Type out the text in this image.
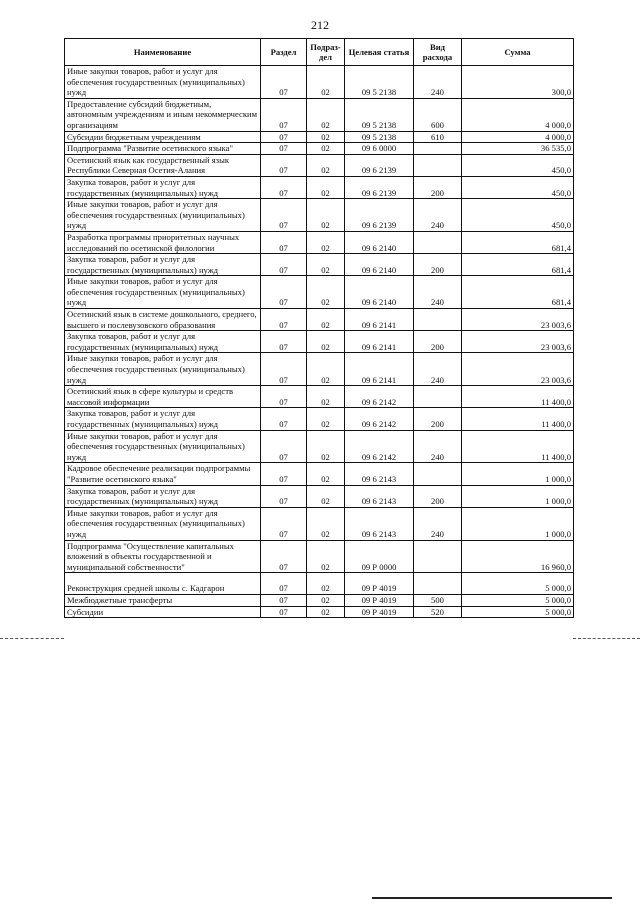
212
Наименование	Раздел	Подраз-дел	Целевая статья	Вид расхода	Сумма
Иные закупки товаров, работ и услуг для обеспечения государственных (муниципальных) нужд	07	02	09 5 2138	240	300,0
Предоставление субсидий бюджетным, автономным учреждениям и иным некоммерческим организациям	07	02	09 5 2138	600	4 000,0
Субсидии бюджетным учреждениям	07	02	09 5 2138	610	4 000,0
Подпрограмма "Развитие осетинского языка"	07	02	09 6 0000		36 535,0
Осетинский язык как государственный язык Республики Северная Осетия-Алания	07	02	09 6 2139		450,0
Закупка товаров, работ и услуг для государственных (муниципальных) нужд	07	02	09 6 2139	200	450,0
Иные закупки товаров, работ и услуг для обеспечения государственных (муниципальных) нужд	07	02	09 6 2139	240	450,0
Разработка программы приоритетных научных исследований по осетинской филологии	07	02	09 6 2140		681,4
Закупка товаров, работ и услуг для государственных (муниципальных) нужд	07	02	09 6 2140	200	681,4
Иные закупки товаров, работ и услуг для обеспечения государственных (муниципальных) нужд	07	02	09 6 2140	240	681,4
Осетинский язык в системе дошкольного, среднего, высшего и послевузовского образования	07	02	09 6 2141		23 003,6
Закупка товаров, работ и услуг для государственных (муниципальных) нужд	07	02	09 6 2141	200	23 003,6
Иные закупки товаров, работ и услуг для обеспечения государственных (муниципальных) нужд	07	02	09 6 2141	240	23 003,6
Осетинский язык в сфере культуры и средств массовой информации	07	02	09 6 2142		11 400,0
Закупка товаров, работ и услуг для государственных (муниципальных) нужд	07	02	09 6 2142	200	11 400,0
Иные закупки товаров, работ и услуг для обеспечения государственных (муниципальных) нужд	07	02	09 6 2142	240	11 400,0
Кадровое обеспечение реализации подпрограммы "Развитие осетинского языка"	07	02	09 6 2143		1 000,0
Закупка товаров, работ и услуг для государственных (муниципальных) нужд	07	02	09 6 2143	200	1 000,0
Иные закупки товаров, работ и услуг для обеспечения государственных (муниципальных) нужд	07	02	09 6 2143	240	1 000,0
Подпрограмма "Осуществление капитальных вложений в объекты государственной и муниципальной собственности"	07	02	09 Р 0000		16 960,0
Реконструкция средней школы с. Кадгарон	07	02	09 Р 4019		5 000,0
Межбюджетные трансферты	07	02	09 Р 4019	500	5 000,0
Субсидии	07	02	09 Р 4019	520	5 000,0
